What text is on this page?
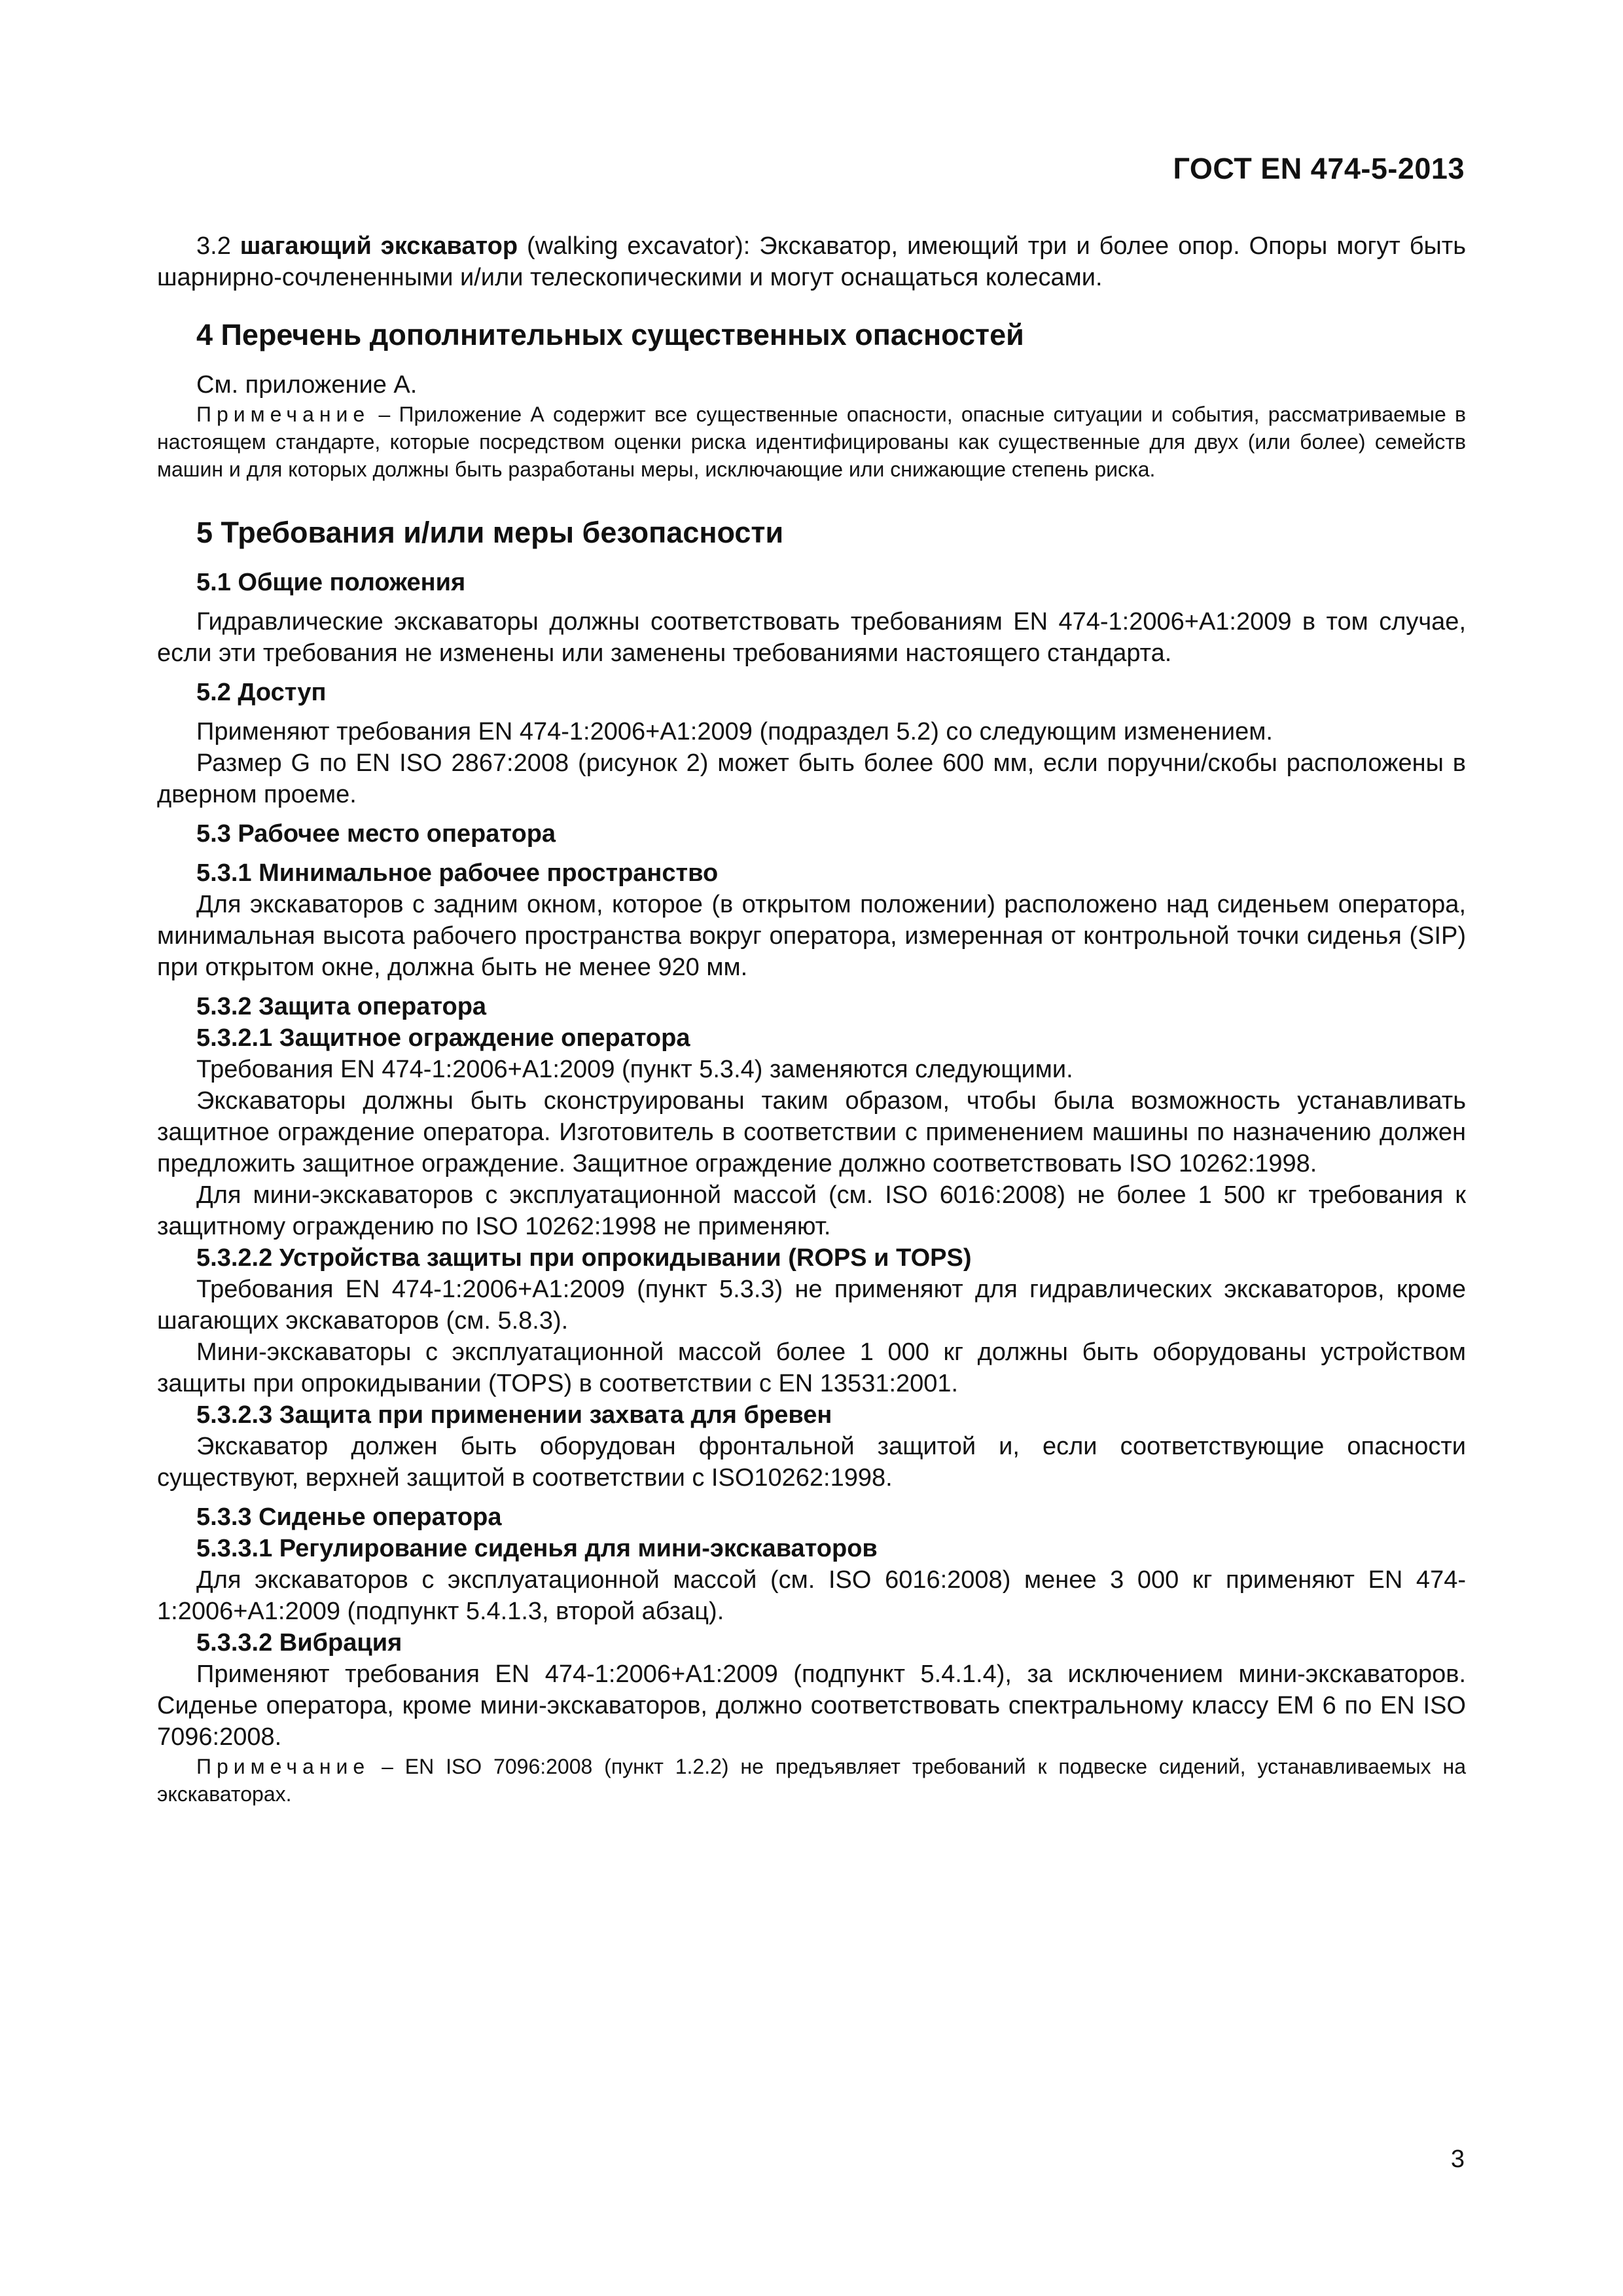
ГОСТ EN 474-5-2013

3.2 шагающий экскаватор (walking excavator): Экскаватор, имеющий три и более опор. Опоры могут быть шарнирно-сочлененными и/или телескопическими и могут оснащаться колесами.

4 Перечень дополнительных существенных опасностей

См. приложение А.

Примечание – Приложение А содержит все существенные опасности, опасные ситуации и события, рассматриваемые в настоящем стандарте, которые посредством оценки риска идентифицированы как существенные для двух (или более) семейств машин и для которых должны быть разработаны меры, исключающие или снижающие степень риска.

5 Требования и/или меры безопасности

5.1 Общие положения

Гидравлические экскаваторы должны соответствовать требованиям EN 474-1:2006+A1:2009 в том случае, если эти требования не изменены или заменены требованиями настоящего стандарта.

5.2 Доступ

Применяют требования EN 474-1:2006+A1:2009 (подраздел 5.2) со следующим изменением.

Размер G по EN ISO 2867:2008 (рисунок 2) может быть более 600 мм, если поручни/скобы расположены в дверном проеме.

5.3 Рабочее место оператора

5.3.1 Минимальное рабочее пространство

Для экскаваторов с задним окном, которое (в открытом положении) расположено над сиденьем оператора, минимальная высота рабочего пространства вокруг оператора, измеренная от контрольной точки сиденья (SIP) при открытом окне, должна быть не менее 920 мм.

5.3.2 Защита оператора

5.3.2.1 Защитное ограждение оператора

Требования EN 474-1:2006+A1:2009 (пункт 5.3.4) заменяются следующими.

Экскаваторы должны быть сконструированы таким образом, чтобы была возможность устанавливать защитное ограждение оператора. Изготовитель в соответствии с применением машины по назначению должен предложить защитное ограждение. Защитное ограждение должно соответствовать ISO 10262:1998.

Для мини-экскаваторов с эксплуатационной массой (см. ISO 6016:2008) не более 1 500 кг требования к защитному ограждению по ISO 10262:1998 не применяют.

5.3.2.2 Устройства защиты при опрокидывании (ROPS и TOPS)

Требования EN 474-1:2006+A1:2009 (пункт 5.3.3) не применяют для гидравлических экскаваторов, кроме шагающих экскаваторов (см. 5.8.3).

Мини-экскаваторы с эксплуатационной массой более 1 000 кг должны быть оборудованы устройством защиты при опрокидывании (TOPS) в соответствии с EN 13531:2001.

5.3.2.3 Защита при применении захвата для бревен

Экскаватор должен быть оборудован фронтальной защитой и, если соответствующие опасности существуют, верхней защитой в соответствии с ISO10262:1998.

5.3.3 Сиденье оператора

5.3.3.1 Регулирование сиденья для мини-экскаваторов

Для экскаваторов с эксплуатационной массой (см. ISO 6016:2008) менее 3 000 кг применяют EN 474-1:2006+A1:2009 (подпункт 5.4.1.3, второй абзац).

5.3.3.2 Вибрация

Применяют требования EN 474-1:2006+A1:2009 (подпункт 5.4.1.4), за исключением мини-экскаваторов. Сиденье оператора, кроме мини-экскаваторов, должно соответствовать спектральному классу ЕМ 6 по EN ISO 7096:2008.

Примечание – EN ISO 7096:2008 (пункт 1.2.2) не предъявляет требований к подвеске сидений, устанавливаемых на экскаваторах.

3
